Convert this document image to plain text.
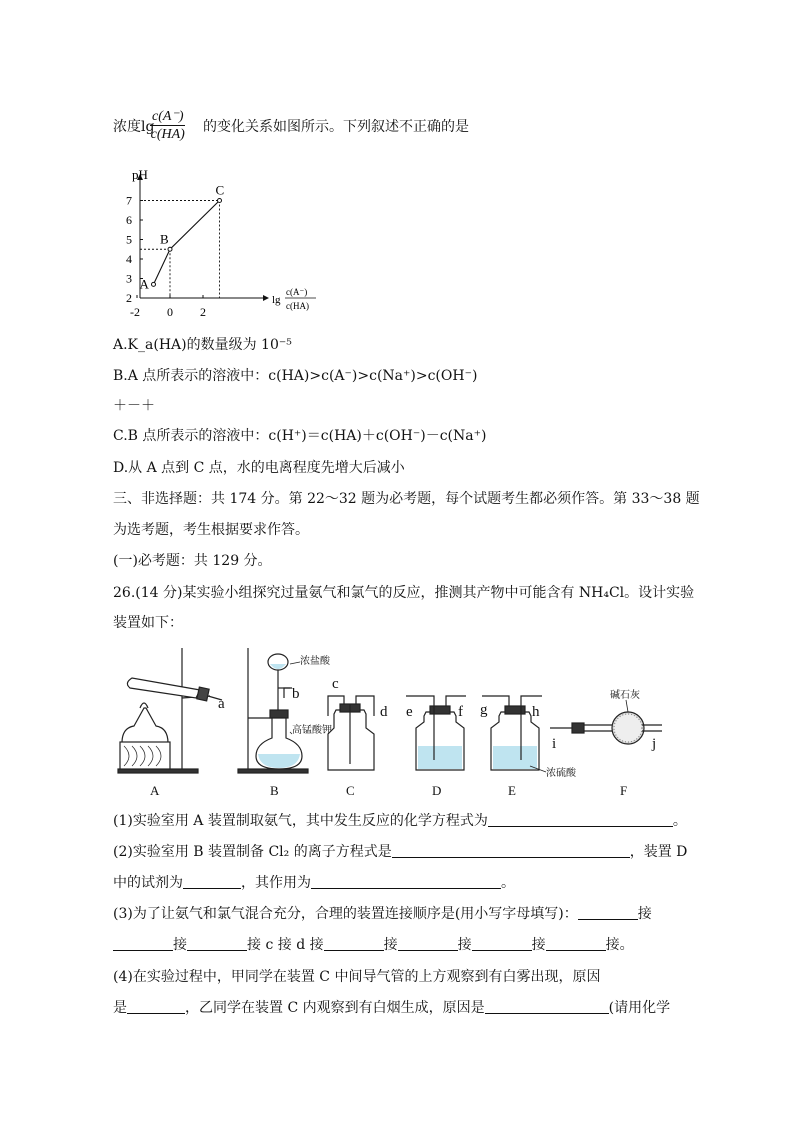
浓度lg
$\frac{c(A^-)}{c(HA)}$ 的变化关系如图所示。下列叙述不正确的是
pH
7
6
5
4
3
2
-2 0 2
lg
c(A⁻)
c(HA)
A
B
C
A.K_a(HA)的数量级为 10⁻⁵
B.A 点所表示的溶液中：c(HA)>c(A⁻)>c(Na⁺)>c(OH⁻)
＋－＋
C.B 点所表示的溶液中：c(H⁺)＝c(HA)＋c(OH⁻)－c(Na⁺)
D.从 A 点到 C 点，水的电离程度先增大后减小
三、非选择题：共 174 分。第 22～32 题为必考题，每个试题考生都必须作答。第 33～38 题
为选考题，考生根据要求作答。
(一)必考题：共 129 分。
26.(14 分)某实验小组探究过量氨气和氯气的反应，推测其产物中可能含有 NH₄Cl。设计实验
装置如下：
A	B	C	D	E	F
a
b
c
d e	f g	h
i	j
浓盐酸
高锰酸钾
浓硫酸
碱石灰
(1)实验室用 A 装置制取氨气，其中发生反应的化学方程式为	。
(2)实验室用 B 装置制备 Cl₂ 的离子方程式是	，装置 D
中的试剂为	，其作用为	。
(3)为了让氨气和氯气混合充分，合理的装置连接顺序是(用小写字母填写)：	接
接	接 c 接 d 接	接	接	接	接。
(4)在实验过程中，甲同学在装置 C 中间导气管的上方观察到有白雾出现，原因
是	，乙同学在装置 C 内观察到有白烟生成，原因是	(请用化学
